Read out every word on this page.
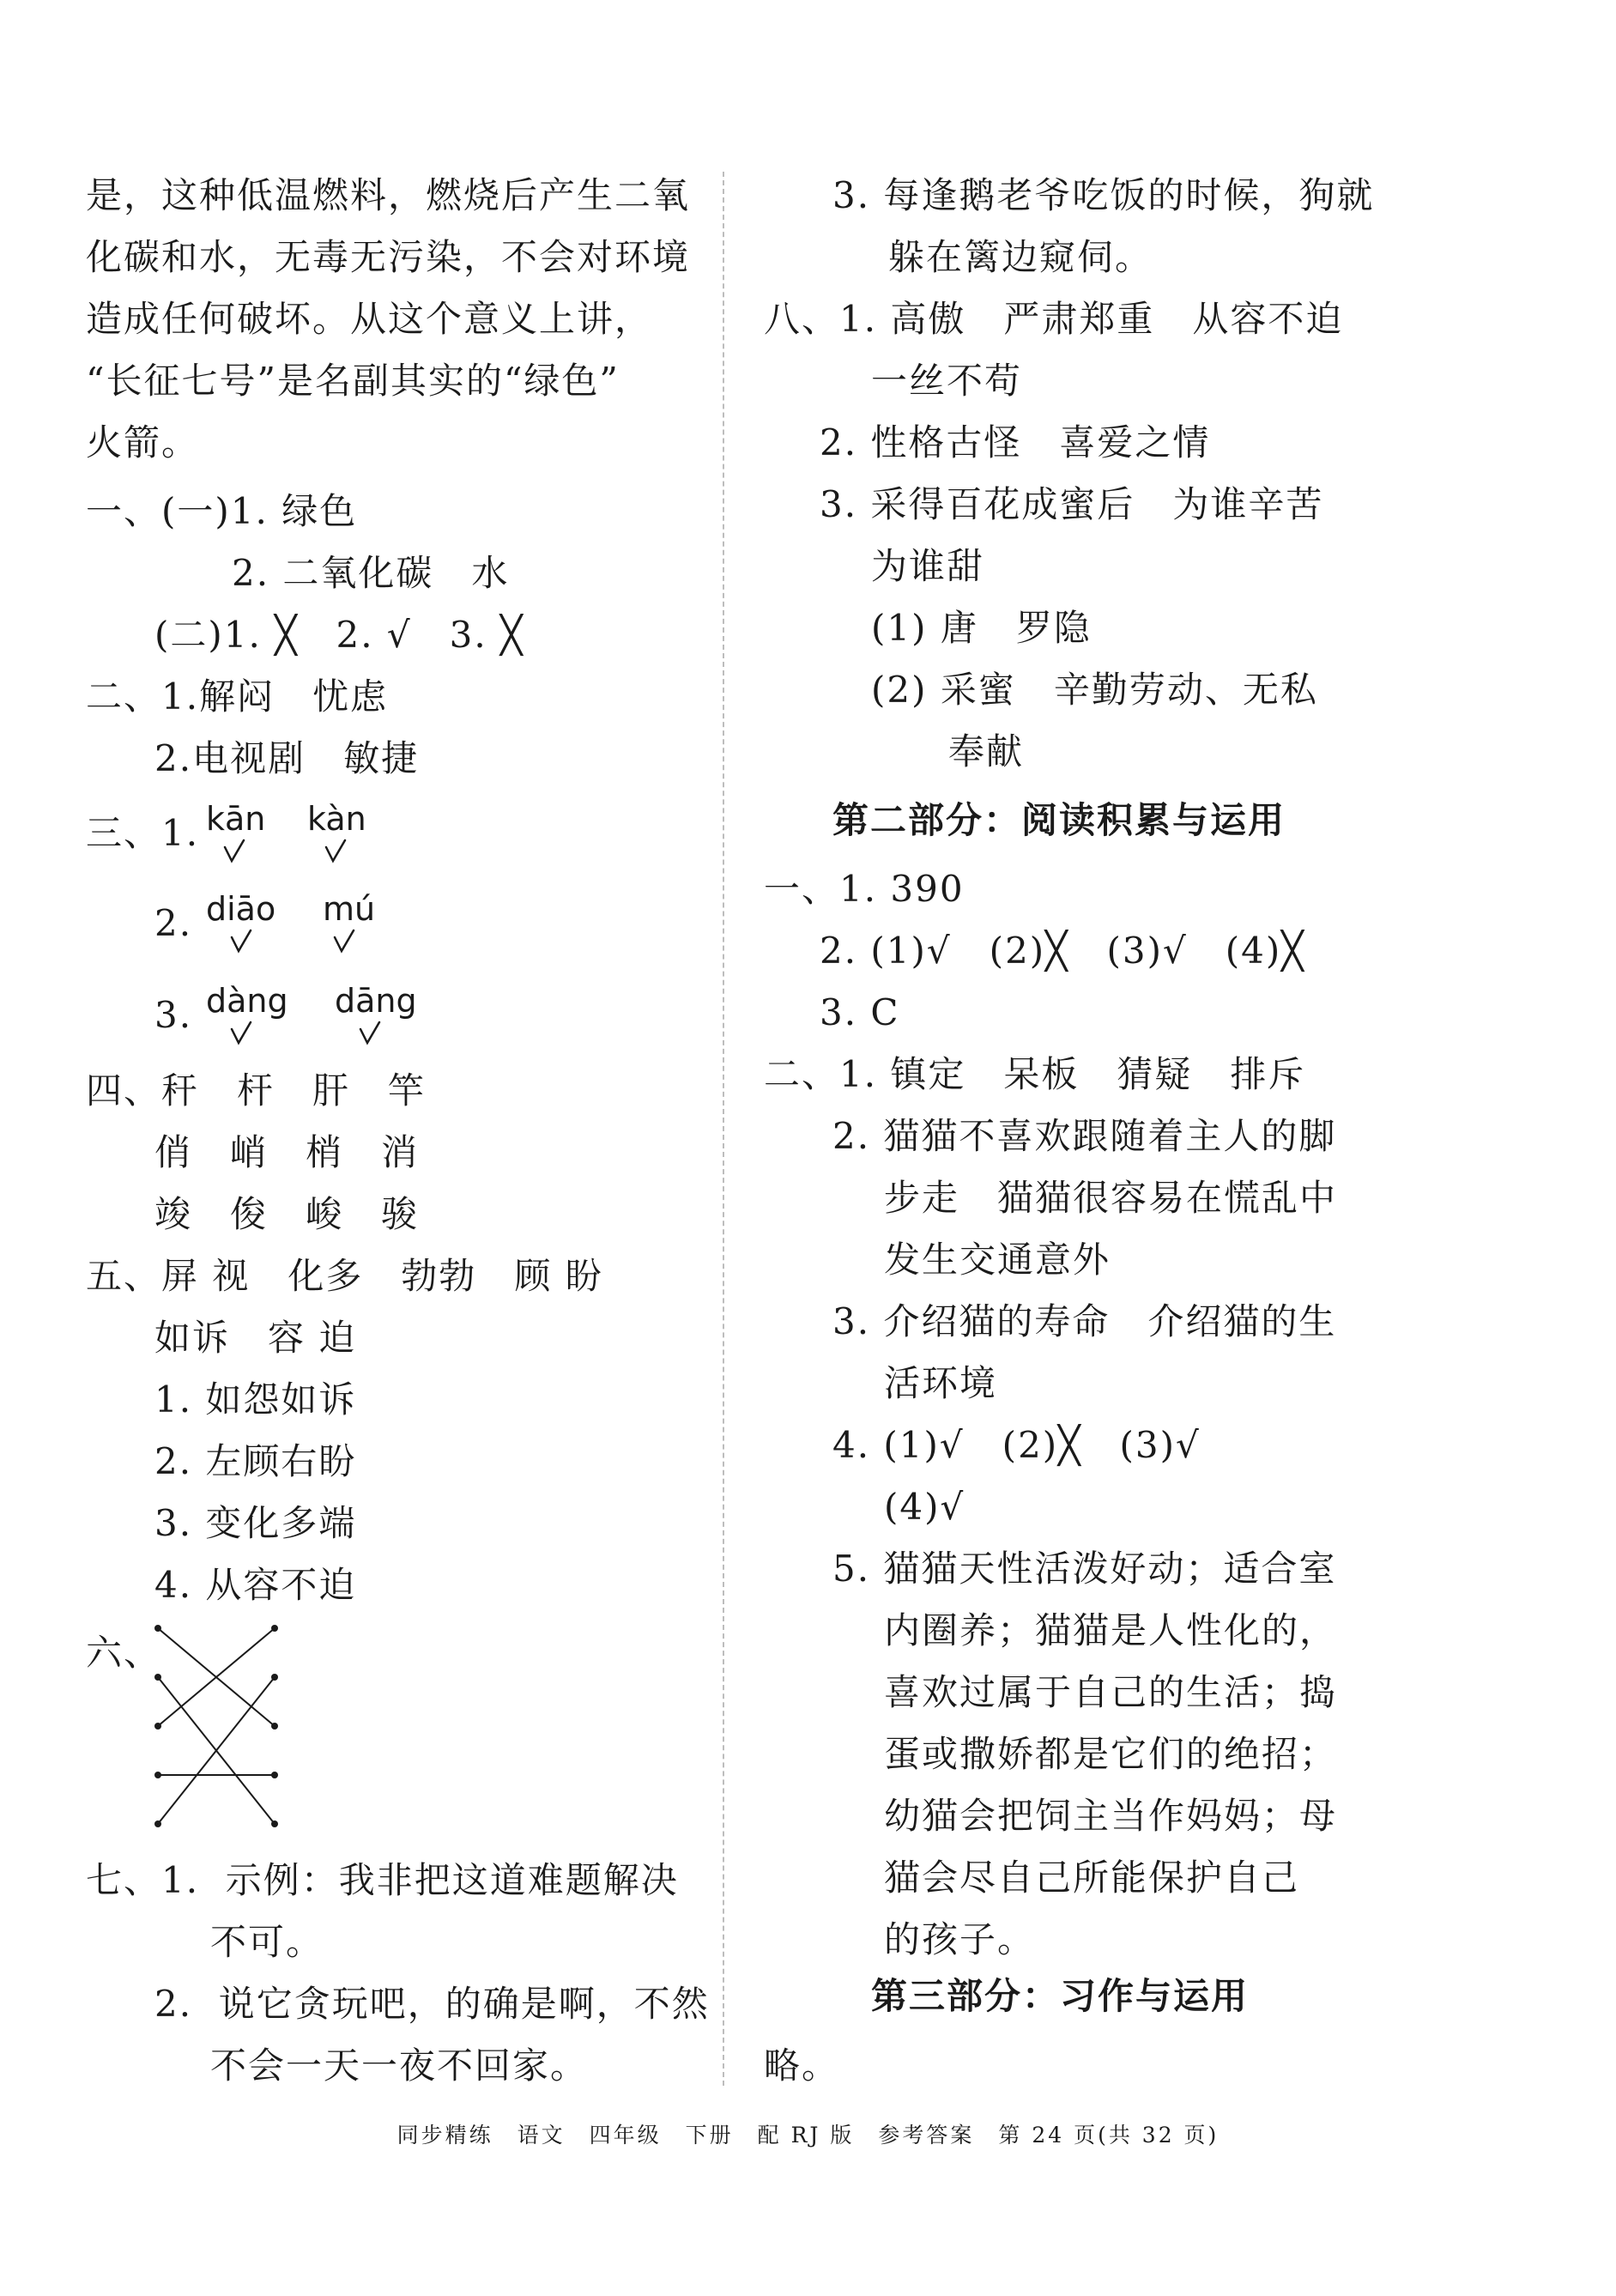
是，这种低温燃料，燃烧后产生二氧
化碳和水，无毒无污染，不会对环境
造成任何破坏。从这个意义上讲，
“长征七号”是名副其实的“绿色”
火箭。
一、(一)1. 绿色
2. 二氧化碳　水
(二)1. ╳　2. √　3. ╳
二、1.解闷　忧虑
2.电视剧　敏捷
三、1. kān kàn
2. diāo mú
3. dàng dāng
四、秆　杆　肝　竿
俏　峭　梢　消
竣　俊　峻　骏
五、屏 视　化多　勃勃　顾 盼
如诉　容 迫
1. 如怨如诉
2. 左顾右盼
3. 变化多端
4. 从容不迫
六、
七、1.  示例：我非把这道难题解决
不可。
2.  说它贪玩吧，的确是啊，不然
不会一天一夜不回家。
3. 每逢鹅老爷吃饭的时候，狗就
躲在篱边窥伺。
八、1. 高傲　严肃郑重　从容不迫
一丝不苟
2. 性格古怪　喜爱之情
3. 采得百花成蜜后　为谁辛苦
为谁甜
(1) 唐　罗隐
(2) 采蜜　辛勤劳动、无私
奉献
第二部分：阅读积累与运用
一、1. 390
2. (1)√　(2)╳　(3)√　(4)╳
3. C
二、1. 镇定　呆板　猜疑　排斥
2. 猫猫不喜欢跟随着主人的脚
步走　猫猫很容易在慌乱中
发生交通意外
3. 介绍猫的寿命　介绍猫的生
活环境
4. (1)√　(2)╳　(3)√
(4)√
5. 猫猫天性活泼好动；适合室
内圈养；猫猫是人性化的，
喜欢过属于自己的生活；捣
蛋或撒娇都是它们的绝招；
幼猫会把饲主当作妈妈；母
猫会尽自己所能保护自己
的孩子。
第三部分：习作与运用
略。
同步精练　语文　四年级　下册　配 RJ 版　参考答案　第 24 页(共 32 页)
